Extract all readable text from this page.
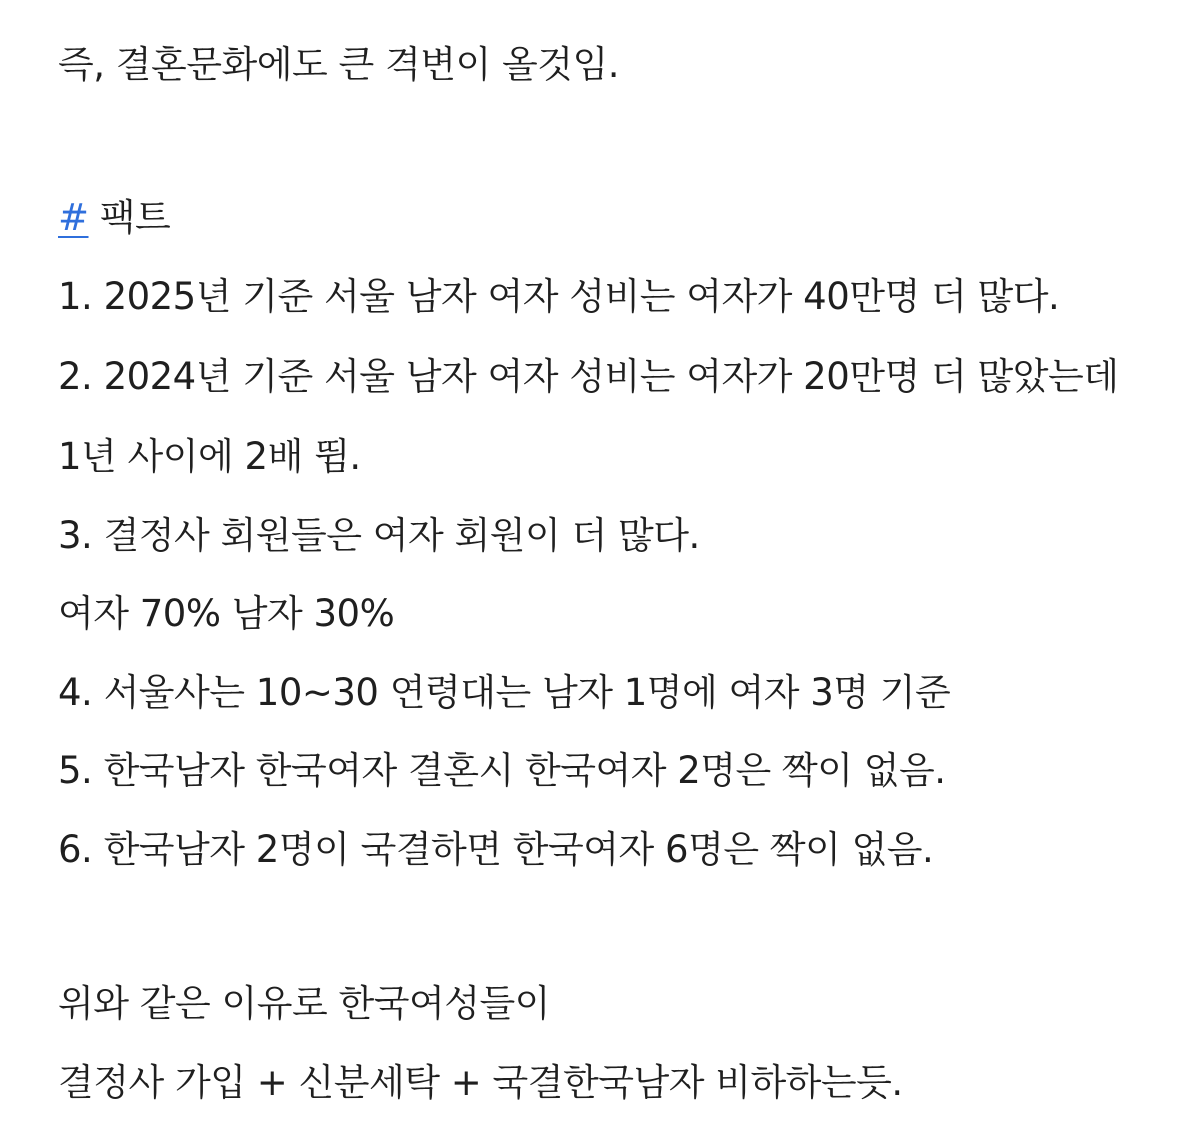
즉, 결혼문화에도 큰 격변이 올것임.

# 팩트

1. 2025년 기준 서울 남자 여자 성비는 여자가 40만명 더 많다.

2. 2024년 기준 서울 남자 여자 성비는 여자가 20만명 더 많았는데

1년 사이에 2배 뜀.

3. 결정사 회원들은 여자 회원이 더 많다.

여자 70% 남자 30%

4. 서울사는 10~30 연령대는 남자 1명에 여자 3명 기준

5. 한국남자 한국여자 결혼시 한국여자 2명은 짝이 없음.

6. 한국남자 2명이 국결하면 한국여자 6명은 짝이 없음.

위와 같은 이유로 한국여성들이

결정사 가입 + 신분세탁 + 국결한국남자 비하하는듯.
